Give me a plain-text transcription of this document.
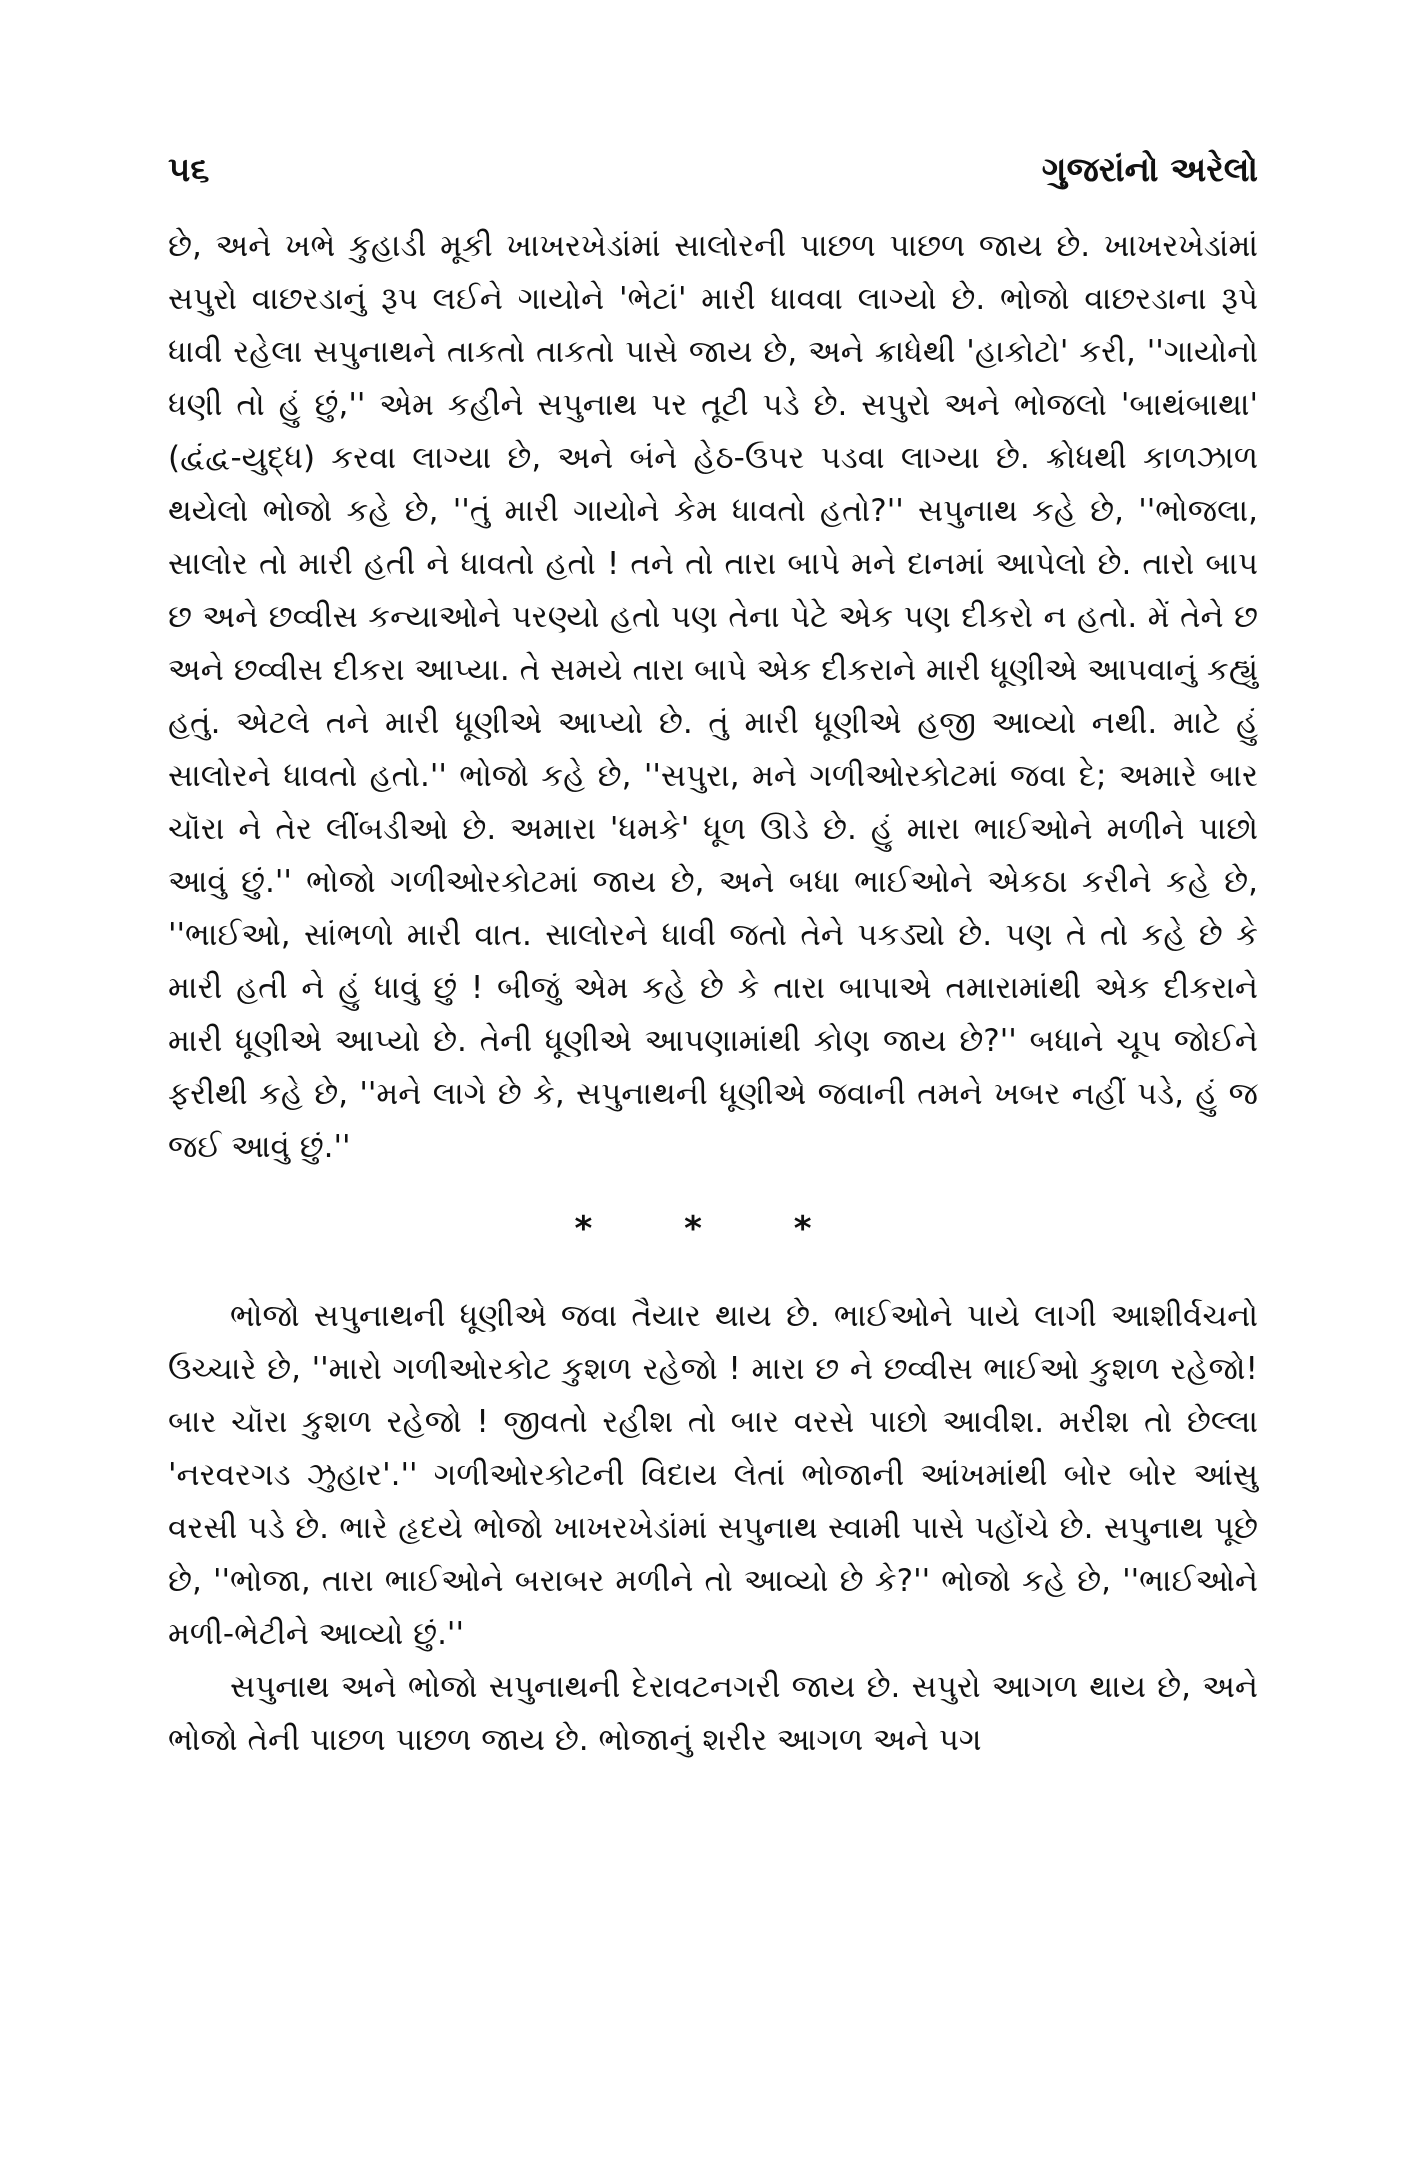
૫૬	ગુજરાંનો અરેલો

છે, અને ખભે કુહાડી મૂકી ખાખરખેડાંમાં સાલોરની પાછળ પાછળ જાય છે. ખાખરખેડાંમાં સપુરો વાછરડાનું રૂપ લઈને ગાયોને 'ભેટાં' મારી ધાવવા લાગ્યો છે. ભોજો વાછરડાના રૂપે ધાવી રહેલા સપુનાથને તાકતો તાકતો પાસે જાય છે, અને ક્રાધેથી 'હાકોટો' કરી, ''ગાયોનો ધણી તો હું છું,'' એમ કહીને સપુનાથ પર તૂટી પડે છે. સપુરો અને ભોજલો 'બાથંબાથા' (દ્વંદ્વ-યુદ્ધ) કરવા લાગ્યા છે, અને બંને હેઠ-ઉપર પડવા લાગ્યા છે. ક્રોધથી કાળઝાળ થયેલો ભોજો કહે છે, ''તું મારી ગાયોને કેમ ધાવતો હતો?'' સપુનાથ કહે છે, ''ભોજલા, સાલોર તો મારી હતી ને ધાવતો હતો ! તને તો તારા બાપે મને દાનમાં આપેલો છે. તારો બાપ છ અને છવ્વીસ કન્યાઓને પરણ્યો હતો પણ તેના પેટે એક પણ દીકરો ન હતો. મેં તેને છ અને છવ્વીસ દીકરા આપ્યા. તે સમયે તારા બાપે એક દીકરાને મારી ધૂણીએ આપવાનું કહ્યું હતું. એટલે તને મારી ધૂણીએ આપ્યો છે. તું મારી ધૂણીએ હજી આવ્યો નથી. માટે હું સાલોરને ધાવતો હતો.'' ભોજો કહે છે, ''સપુરા, મને ગળીઓરકોટમાં જવા દે; અમારે બાર ચૉરા ને તેર લીંબડીઓ છે. અમારા 'ધમકે' ધૂળ ઊડે છે. હું મારા ભાઈઓને મળીને પાછો આવું છું.'' ભોજો ગળીઓરકોટમાં જાય છે, અને બધા ભાઈઓને એકઠા કરીને કહે છે, ''ભાઈઓ, સાંભળો મારી વાત. સાલોરને ધાવી જતો તેને પકડ્યો છે. પણ તે તો કહે છે કે મારી હતી ને હું ધાવું છું ! બીજું એમ કહે છે કે તારા બાપાએ તમારામાંથી એક દીકરાને મારી ધૂણીએ આપ્યો છે. તેની ધૂણીએ આપણામાંથી કોણ જાય છે?'' બધાને ચૂપ જોઈને ફરીથી કહે છે, ''મને લાગે છે કે, સપુનાથની ધૂણીએ જવાની તમને ખબર નહીં પડે, હું જ જઈ આવું છું.''

* * *

ભોજો સપુનાથની ધૂણીએ જવા તૈયાર થાય છે. ભાઈઓને પાયે લાગી આશીર્વચનો ઉચ્ચારે છે, ''મારો ગળીઓરકોટ કુશળ રહેજો ! મારા છ ને છવ્વીસ ભાઈઓ કુશળ રહેજો! બાર ચૉરા કુશળ રહેજો ! જીવતો રહીશ તો બાર વરસે પાછો આવીશ. મરીશ તો છેલ્લા 'નરવરગડ ઝુહાર'.'' ગળીઓરકોટની વિદાય લેતાં ભોજાની આંખમાંથી બોર બોર આંસુ વરસી પડે છે. ભારે હૃદયે ભોજો ખાખરખેડાંમાં સપુનાથ સ્વામી પાસે પહોંચે છે. સપુનાથ પૂછે છે, ''ભોજા, તારા ભાઈઓને બરાબર મળીને તો આવ્યો છે કે?'' ભોજો કહે છે, ''ભાઈઓને મળી-ભેટીને આવ્યો છું.''

સપુનાથ અને ભોજો સપુનાથની દેરાવટનગરી જાય છે. સપુરો આગળ થાય છે, અને ભોજો તેની પાછળ પાછળ જાય છે. ભોજાનું શરીર આગળ અને પગ
